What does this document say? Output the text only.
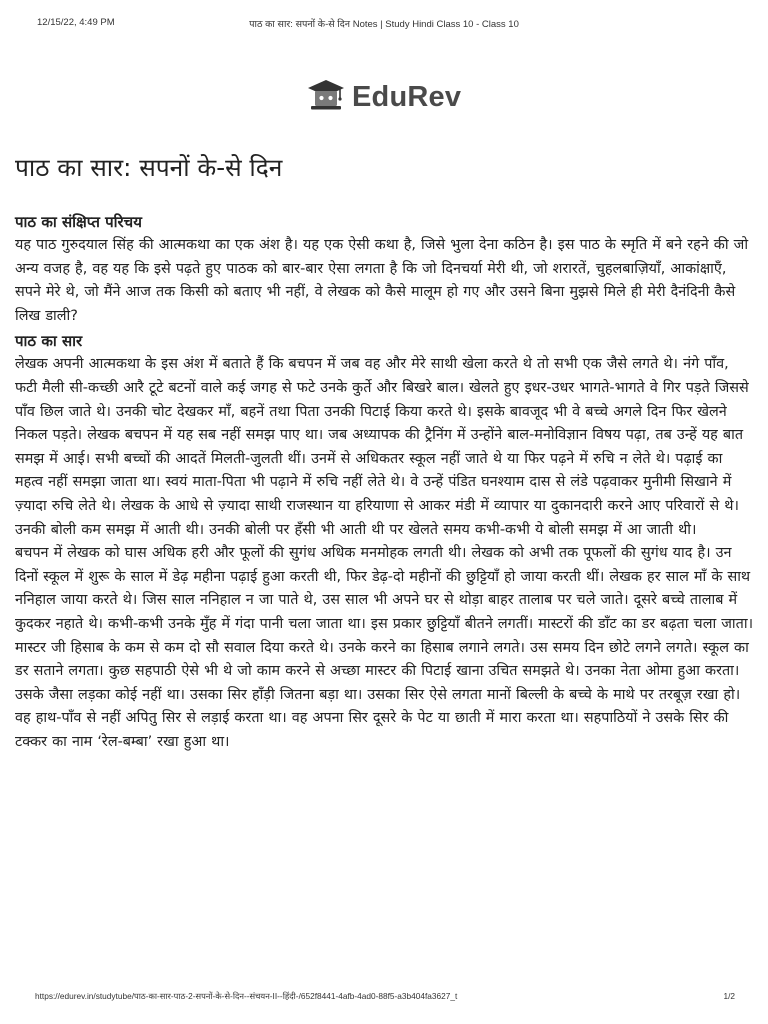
12/15/22, 4:49 PM	पाठ का सार: सपनों के-से दिन Notes | Study Hindi Class 10 - Class 10
EduRev
पाठ का सार: सपनों के-से दिन
पाठ का संक्षिप्त परिचय

यह पाठ गुरुदयाल सिंह की आत्मकथा का एक अंश है। यह एक ऐसी कथा है, जिसे भुला देना कठिन है। इस पाठ के स्मृति में बने रहने की जो अन्य वजह है, वह यह कि इसे पढ़ते हुए पाठक को बार-बार ऐसा लगता है कि जो दिनचर्या मेरी थी, जो शरारतें, चुहलबाज़ियाँ, आकांक्षाएँ, सपने मेरे थे, जो मैंने आज तक किसी को बताए भी नहीं, वे लेखक को कैसे मालूम हो गए और उसने बिना मुझसे मिले ही मेरी दैनंदिनी कैसे लिख डाली?

पाठ का सार

लेखक अपनी आत्मकथा के इस अंश में बताते हैं कि बचपन में जब वह और मेरे साथी खेला करते थे तो सभी एक जैसे लगते थे। नंगे पाँव, फटी मैली सी-कच्छी आरै टूटे बटनों वाले कई जगह से फटे उनके कुर्ते और बिखरे बाल। खेलते हुए इधर-उधर भागते-भागते वे गिर पड़ते जिससे पाँव छिल जाते थे। उनकी चोट देखकर माँ, बहनें तथा पिता उनकी पिटाई किया करते थे। इसके बावजूद भी वे बच्चे अगले दिन फिर खेलने निकल पड़ते। लेखक बचपन में यह सब नहीं समझ पाए था। जब अध्यापक की ट्रैनिंग में उन्होंने बाल-मनोविज्ञान विषय पढ़ा, तब उन्हें यह बात समझ में आई। सभी बच्चों की आदतें मिलती-जुलती थीं। उनमें से अधिकतर स्कूल नहीं जाते थे या फिर पढ़ने में रुचि न लेते थे। पढ़ाई का महत्व नहीं समझा जाता था। स्वयं माता-पिता भी पढ़ाने में रुचि नहीं लेते थे। वे उन्हें पंडित घनश्याम दास से लंडे पढ़वाकर मुनीमी सिखाने में ज़्यादा रुचि लेते थे। लेखक के आधे से ज़्यादा साथी राजस्थान या हरियाणा से आकर मंडी में व्यापार या दुकानदारी करने आए परिवारों से थे। उनकी बोली कम समझ में आती थी। उनकी बोली पर हँसी भी आती थी पर खेलते समय कभी-कभी ये बोली समझ में आ जाती थी।

बचपन में लेखक को घास अधिक हरी और फूलों की सुगंध अधिक मनमोहक लगती थी। लेखक को अभी तक पूफलों की सुगंध याद है। उन दिनों स्कूल में शुरू के साल में डेढ़ महीना पढ़ाई हुआ करती थी, फिर डेढ़-दो महीनों की छुट्टियाँ हो जाया करती थीं। लेखक हर साल माँ के साथ ननिहाल जाया करते थे। जिस साल ननिहाल न जा पाते थे, उस साल भी अपने घर से थोड़ा बाहर तालाब पर चले जाते। दूसरे बच्चे तालाब में कुदकर नहाते थे। कभी-कभी उनके मुँह में गंदा पानी चला जाता था। इस प्रकार छुट्टियाँ बीतने लगतीं। मास्टरों की डाँट का डर बढ़ता चला जाता। मास्टर जी हिसाब के कम से कम दो सौ सवाल दिया करते थे। उनके करने का हिसाब लगाने लगते। उस समय दिन छोटे लगने लगते। स्कूल का डर सताने लगता। कुछ सहपाठी ऐसे भी थे जो काम करने से अच्छा मास्टर की पिटाई खाना उचित समझते थे। उनका नेता ओमा हुआ करता। उसके जैसा लड़का कोई नहीं था। उसका सिर हाँड़ी जितना बड़ा था। उसका सिर ऐसे लगता मानों बिल्ली के बच्चे के माथे पर तरबूज़ रखा हो। वह हाथ-पाँव से नहीं अपितु सिर से लड़ाई करता था। वह अपना सिर दूसरे के पेट या छाती में मारा करता था। सहपाठियों ने उसके सिर की टक्कर का नाम ‘रेल-बम्बा’ रखा हुआ था।

https://edurev.in/studytube/पाठ-का-सार-पाठ-2-सपनों-के-से-दिन--संचयन-II--हिंदी-/652f8441-4afb-4ad0-88f5-a3b404fa3627_t	1/2
